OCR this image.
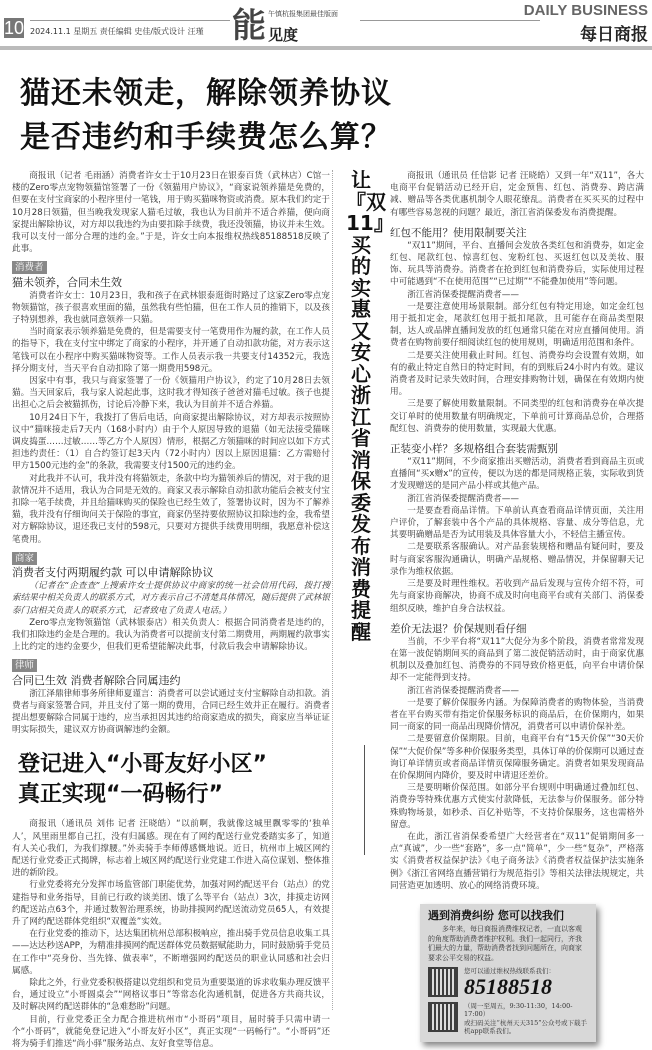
10 2024.11.1 星期五 责任编辑 史佳/版式设计 汪瑾 能 午慎杭报集团最佳版面
见度
DAILY BUSINESS
每日商报
猫还未领走，解除领养协议
是否违约和手续费怎么算？

商报讯（记者 毛雨涵）消费者许女士于10月23日在银泰百货（武林店）C馆一楼的Zero零点宠物领猫馆签署了一份《领猫用户协议》，“商家说领养猫是免费的，但要在支付宝商家的小程序里付一笔钱，用于购买猫咪物资或消费。原本我们约定于10月28日领猫，但当晚我发现家人猫毛过敏，我也认为目前并不适合养猫，便向商家提出解除协议，对方却以我违约为由要扣除手续费，我还没领猫，协议并未生效。我可以支付一部分合理的违约金。”于是，许女士向本报维权热线85188518反映了此事。

消费者
猫未领养，合同未生效

消费者许女士：10月23日，我和孩子在武林银泰逛街时路过了这家Zero零点宠物领猫馆，孩子很喜欢里面的猫，虽然我有些怕猫，但在工作人员的推销下，以及孩子特别想养，我也就同意领养一只猫。

当时商家表示领养猫是免费的，但是需要支付一笔费用作为履约款，在工作人员的指导下，我在支付宝中绑定了商家的小程序，并开通了自动扣款功能，对方表示这笔钱可以在小程序中购买猫咪物资等。工作人员表示我一共要支付14352元，我选择分期支付，当天平台自动扣除了第一期费用598元。

因家中有事，我只与商家签署了一份《领猫用户协议》，约定了10月28日去领猫。当天回家后，我与家人说起此事，这时我才得知孩子爸爸对猫毛过敏。孩子也提出担心之后会被猫抓伤，讨论后冷静下来，我认为目前并不适合养猫。

10月24日下午，我拨打了售后电话，向商家提出解除协议，对方却表示按照协议中“猫咪接走后7天内（168小时内）由于个人原因导致的退猫（如无法接受猫咪调皮捣蛋……过敏……等乙方个人原因）情形，根据乙方领猫咪的时间应以如下方式担违约责任：（1）自合约签订起3天内（72小时内）因以上原因退猫：乙方需赔付甲方1500元违约金”的条款，我需要支付1500元的违约金。

对此我并不认可，我并没有将猫领走，条款中均为猫领养后的情况，对于我的退款情况并不适用，我认为合同是无效的。商家又表示解除自动扣款功能后会被支付宝扣除一笔手续费，并且给猫咪购买的保险也已经生效了，签署协议时，因为不了解养猫，我并没有仔细询问关于保险的事宜，商家仍坚持要依照协议扣除违约金，我希望对方解除协议，退还我已支付的598元，只要对方提供手续费用明细，我愿意补偿这笔费用。

商家
消费者支付两期履约款 可以申请解除协议

（记者在“企查查”上搜索许女士提供协议中商家的统一社会信用代码，拨打搜索结果中相关负责人的联系方式，对方表示自己不清楚具体情况，随后提供了武林银泰门店相关负责人的联系方式，记者致电了负责人电话。）

Zero零点宠物领猫馆（武林银泰店）相关负责人：根据合同消费者是违约的，我们扣除违约金是合理的。我认为消费者可以提前支付第二期费用，两期履约款事实上比约定的违约金要少，但我们更希望能解决此事，付款后我会申请解除协议。

律师
合同已生效 消费者解除合同属违约

浙江泽鼎律师事务所律师夏谨言：消费者可以尝试通过支付宝解除自动扣款。消费者与商家签署合同，并且支付了第一期的费用，合同已经生效并正在履行。消费者提出想要解除合同属于违约，应当承担因其违约给商家造成的损失，商家应当举证证明实际损失，建议双方协商调解违约金额。

登记进入“小哥友好小区”
真正实现“一码畅行”

商报讯（通讯员 刘伟 记者 汪晓皓）“以前啊，我就像这城里飘零零的‘独单人’，风里雨里都自己扛，没有归属感。现在有了网约配送行业党委踏实多了，知道有人关心我们，为我们撑腰。”外卖骑手李师傅感慨地说。近日，杭州市上城区网约配送行业党委正式揭牌，标志着上城区网约配送行业党建工作进入高位谋划、整体推进的新阶段。

行业党委将充分发挥市场监管部门职能优势，加强对网约配送平台（站点）的党建指导和业务指导，目前已行政约谈美团、饿了么等平台（站点）3次，排摸走访网约配送站点63个，并通过数智治理系统，协助排摸网约配送流动党员65人，有效提升了网约配送群体党组织“双覆盖”实效。

在行业党委的推动下，达达集团杭州总部积极响应，推出骑手党员信息收集工具——达达秒送APP，为精准排摸网约配送群体党员数据赋能助力，同时鼓励骑手党员在工作中“亮身份、当先锋、做表率”，不断增强网约配送员的职业认同感和社会归属感。

除此之外，行业党委积极搭建以党组织和党员为重要渠道的诉求收集办理反馈平台，通过设立“小哥圆桌会”“网格议事日”等常态化沟通机制，促进各方共商共议，及时解决网约配送群体的“急难愁盼”问题。

目前，行业党委正全力配合推进杭州市“小哥码”项目，届时骑手只需申请一个“小哥码”，就能免登记进入“小哥友好小区”，真正实现“一码畅行”。“小哥码”还将为骑手们推送“尚小驿”服务站点、友好食堂等信息。

让『双11』买的实惠又安心 浙江省消保委发布消费提醒

商报讯（通讯员 任信影 记者 汪晓皓）又到一年“双11”，各大电商平台促销活动已经开启，定金预售、红包、消费券、跨店满减、赠品等各类优惠机制令人眼花缭乱。消费者在买买买的过程中有哪些容易忽视的问题？最近，浙江省消保委发布消费提醒。

红包不能用？使用限制要关注

“双11”期间，平台、直播间会发放各类红包和消费券，如定金红包、尾款红包、惊喜红包、宠粉红包、买返红包以及美妆、服饰、玩具等消费券。消费者在抢到红包和消费券后，实际使用过程中可能遇到“不在使用范围”“已过期”“不能叠加使用”等问题。

浙江省消保委提醒消费者——

一是要注意使用场景限制。部分红包有特定用途，如定金红包用于抵扣定金，尾款红包用于抵扣尾款，且可能存在商品类型限制，达人或品牌直播间发放的红包通常只能在对应直播间使用。消费者在购物前要仔细阅读红包的使用规则，明确适用范围和条件。

二是要关注使用截止时间。红包、消费券均会设置有效期，如有的截止特定自然日的特定时间，有的到账后24小时内有效。建议消费者及时记录失效时间，合理安排购物计划，确保在有效期内使用。

三是要了解使用数量限制。不同类型的红包和消费券在单次提交订单时的使用数量有明确规定，下单前可计算商品总价，合理搭配红包、消费券的使用数量，实现最大优惠。

正装变小样？多规格组合套装需甄别

“双11”期间，不少商家推出买赠活动，消费者看到商品主页或直播间“买x赠x”的宣传，便以为送的都是同规格正装，实际收到货才发现赠送的是同产品小样或其他产品。

浙江省消保委提醒消费者——

一是要查看商品详情。下单前认真查看商品详情页面，关注用户评价，了解套装中各个产品的具体规格、容量、成分等信息，尤其要明确赠品是否为试用装及具体容量大小，不轻信主播宣传。

二是要联系客服确认。对产品套装规格和赠品有疑问时，要及时与商家客服沟通确认，明确产品规格、赠品情况，并保留聊天记录作为维权依据。

三是要及时理性维权。若收到产品后发现与宣传介绍不符，可先与商家协商解决，协商不成及时向电商平台或有关部门、消保委组织反映，维护自身合法权益。

差价无法退？价保规则看仔细

当前，不少平台将“双11”大促分为多个阶段，消费者常常发现在第一波促销期间买的商品到了第二波促销活动时，由于商家优惠机制以及叠加红包、消费券的不同导致价格更低，向平台申请价保却不一定能得到支持。

浙江省消保委提醒消费者——

一是要了解价保服务内涵。为保障消费者的购物体验，当消费者在平台购买带有指定价保服务标识的商品后，在价保期内，如果同一商家的同一商品出现降价情况，消费者可以申请价保补差。

二是要留意价保期限。目前，电商平台有“15天价保”“30天价保”“大促价保”等多种价保服务类型，具体订单的价保期可以通过查询订单详情页或者商品详情页保障服务确定。消费者如果发现商品在价保期间内降价，要及时申请退还差价。

三是要明晰价保范围。如部分平台规则中明确通过叠加红包、消费券等特殊优惠方式使实付款降低，无法参与价保服务。部分特殊购物场景，如秒杀、百亿补贴等，不支持价保服务，这也需格外留意。

在此，浙江省消保委希望广大经营者在“双11”促销期间多一点“真诚”，少一些“套路”，多一点“简单”，少一些“复杂”，严格落实《消费者权益保护法》《电子商务法》《消费者权益保护法实施条例》《浙江省网络直播营销行为规范指引》等相关法律法规规定，共同营造更加透明、放心的网络消费环境。

遇到消费纠纷 您可以找我们
多年来，每日商报消费维权记者，一直以客观的角度帮助消费者维护权利。我们一起同行，齐我们最大的力量，帮助消费者找到问题所在，向商家要求公平交易的权益。
您可以通过维权热线联系我们：
85188518
（周一至周五，9:30-11:30，14:00-17:00）
或扫码关注“杭州天天315”公众号或下载手机app联系我们。
